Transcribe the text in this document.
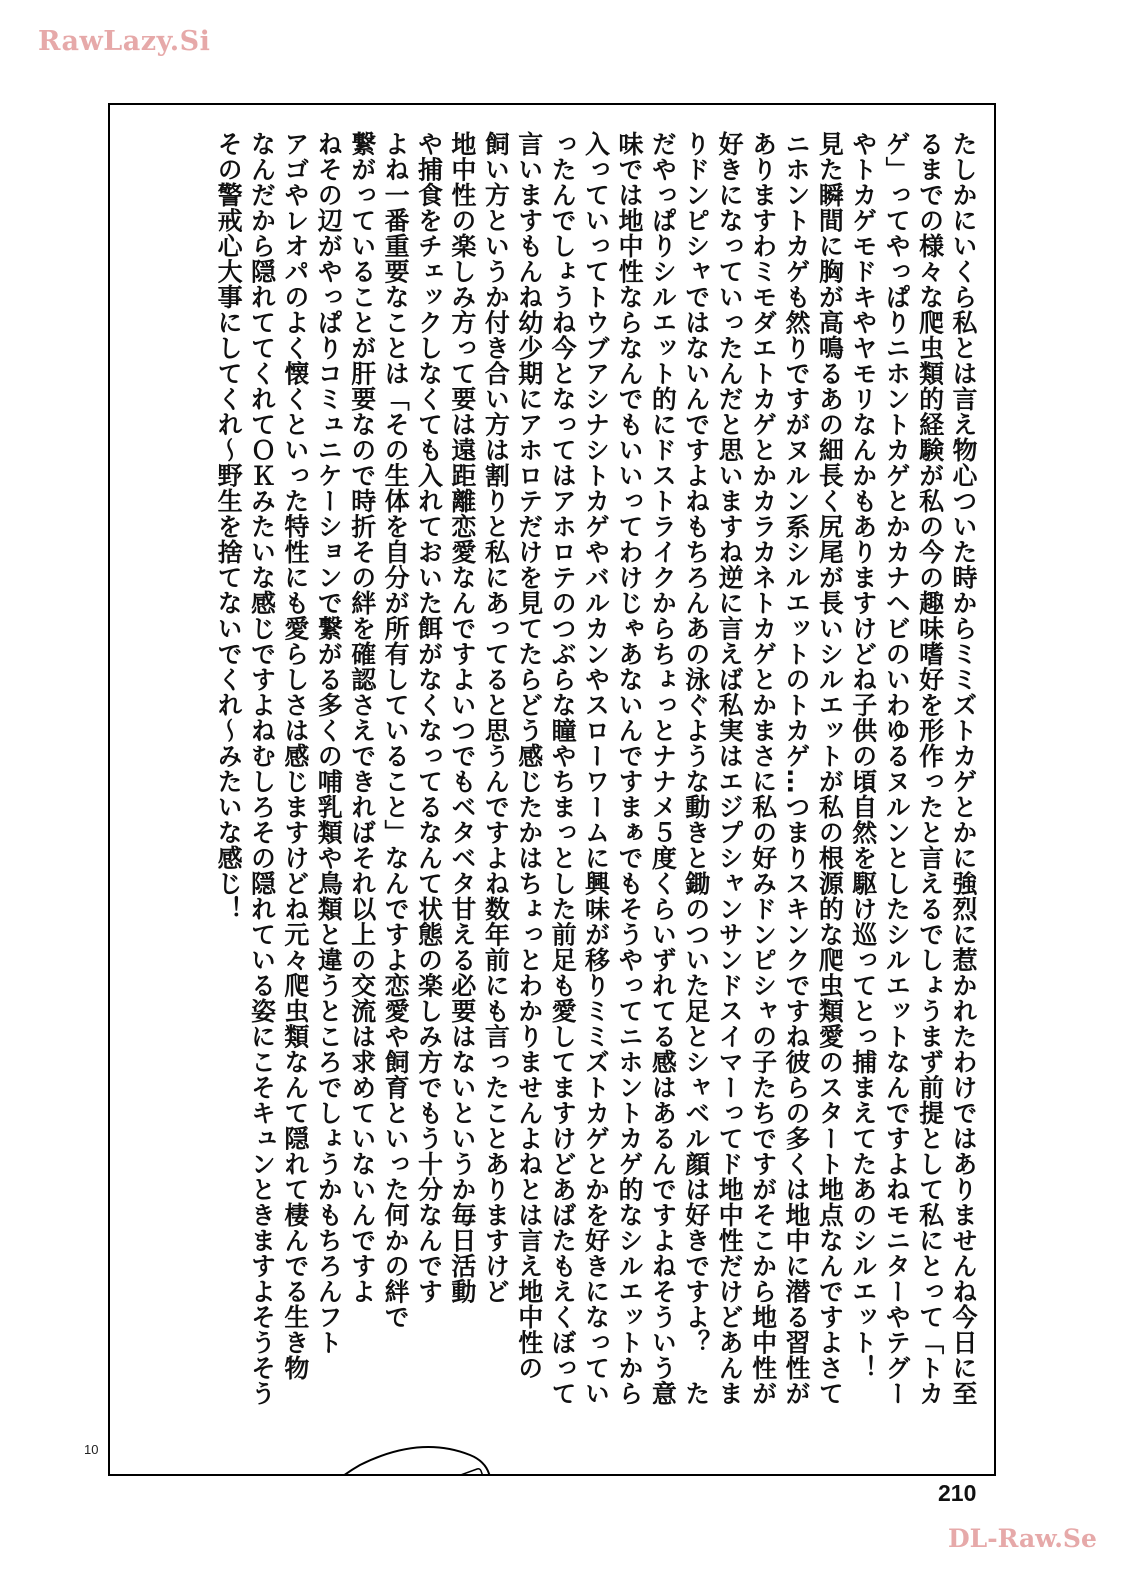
RawLazy.Si
たしかにいくら私とは言え物心ついた時からミミズトカゲとかに強烈に惹かれたわけではありませんね今日に至
るまでの様々な爬虫類的経験が私の今の趣味嗜好を形作ったと言えるでしょうまず前提として私にとって「トカ
ゲ」ってやっぱりニホントカゲとかカナヘビのいわゆるヌルンとしたシルエットなんですよねモニターやテグー
やトカゲモドキやヤモリなんかもありますけどね子供の頃自然を駆け巡ってとっ捕まえてたあのシルエット！
見た瞬間に胸が高鳴るあの細長く尻尾が長いシルエットが私の根源的な爬虫類愛のスタート地点なんですよさて
ニホントカゲも然りですがヌルン系シルエットのトカゲ…つまりスキンクですね彼らの多くは地中に潜る習性が
ありますわミモダエトカゲとかカラカネトカゲとかまさに私の好みドンピシャの子たちですがそこから地中性が
好きになっていったんだと思いますね逆に言えば私実はエジプシャンサンドスイマーってド地中性だけどあんま
りドンピシャではないんですよねもちろんあの泳ぐような動きと鋤のついた足とシャベル顔は好きですよ？　た
だやっぱりシルエット的にドストライクからちょっとナナメ５度くらいずれてる感はあるんですよねそういう意
味では地中性ならなんでもいいってわけじゃあないんですまぁでもそうやってニホントカゲ的なシルエットから
入っていってトウブアシナシトカゲやバルカンやスローワームに興味が移りミミズトカゲとかを好きになってい
ったんでしょうね今となってはアホロテのつぶらな瞳やちまっとした前足も愛してますけどあばたもえくぼって
言いますもんね幼少期にアホロテだけを見てたらどう感じたかはちょっとわかりませんよねとは言え地中性の
飼い方というか付き合い方は割りと私にあってると思うんですよね数年前にも言ったことありますけど
地中性の楽しみ方って要は遠距離恋愛なんですよいつでもベタベタ甘える必要はないというか毎日活動
や捕食をチェックしなくても入れておいた餌がなくなってるなんて状態の楽しみ方でもう十分なんです
よね一番重要なことは「その生体を自分が所有していること」なんですよ恋愛や飼育といった何かの絆で
繋がっていることが肝要なので時折その絆を確認さえできればそれ以上の交流は求めていないんですよ
ねその辺がやっぱりコミュニケーションで繋がる多くの哺乳類や鳥類と違うところでしょうかもちろんフト
アゴやレオパのよく懐くといった特性にも愛らしさは感じますけどね元々爬虫類なんて隠れて棲んでる生き物
なんだから隠れててくれてＯＫみたいな感じですよねむしろその隠れている姿にこそキュンときますよそうそう
その警戒心大事にしてくれ～野生を捨てないでくれ～みたいな感じ！
10
210
DL-Raw.Se
